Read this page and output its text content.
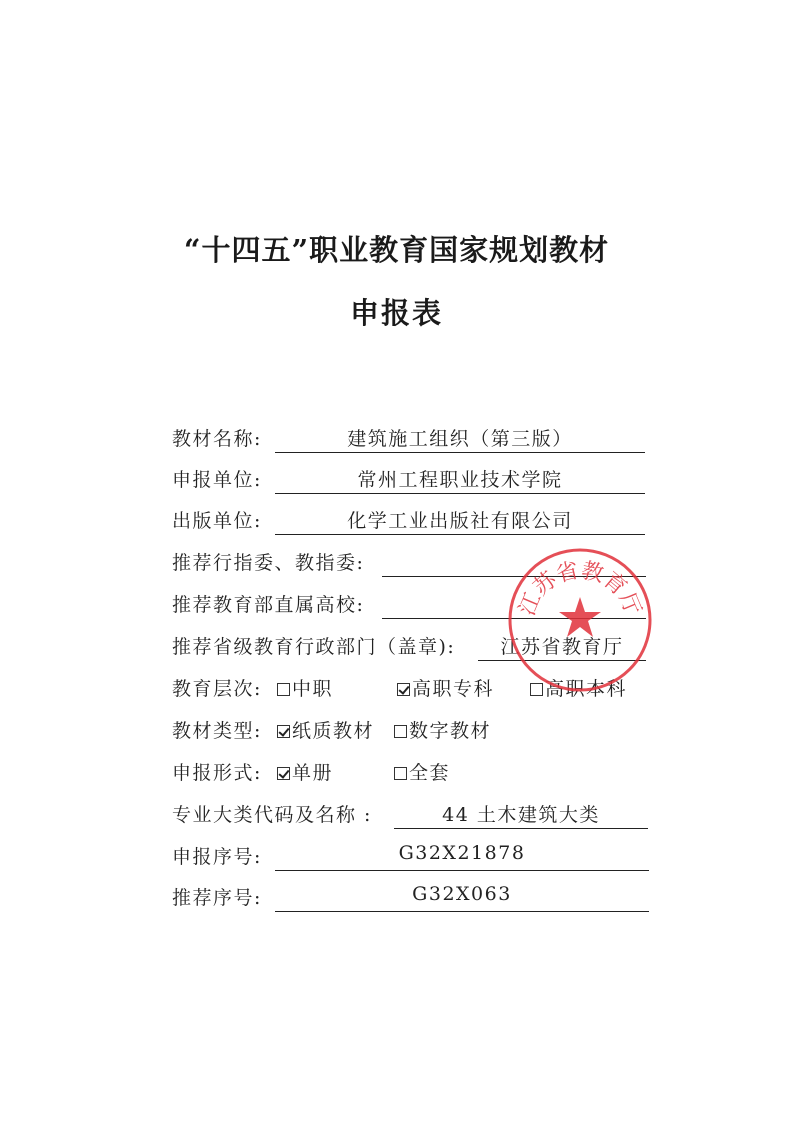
“十四五”职业教育国家规划教材
申报表
教材名称:	建筑施工组织（第三版）
申报单位:	常州工程职业技术学院
出版单位:	化学工业出版社有限公司
推荐行指委、教指委:
推荐教育部直属高校:
推荐省级教育行政部门（盖章):	江苏省教育厅
教育层次:	中职	高职专科	高职本科
教材类型:	纸质教材	数字教材
申报形式:	单册	全套
专业大类代码及名称 :	44 土木建筑大类
申报序号:	G32X21878
推荐序号:	G32X063
江苏省教育厅
